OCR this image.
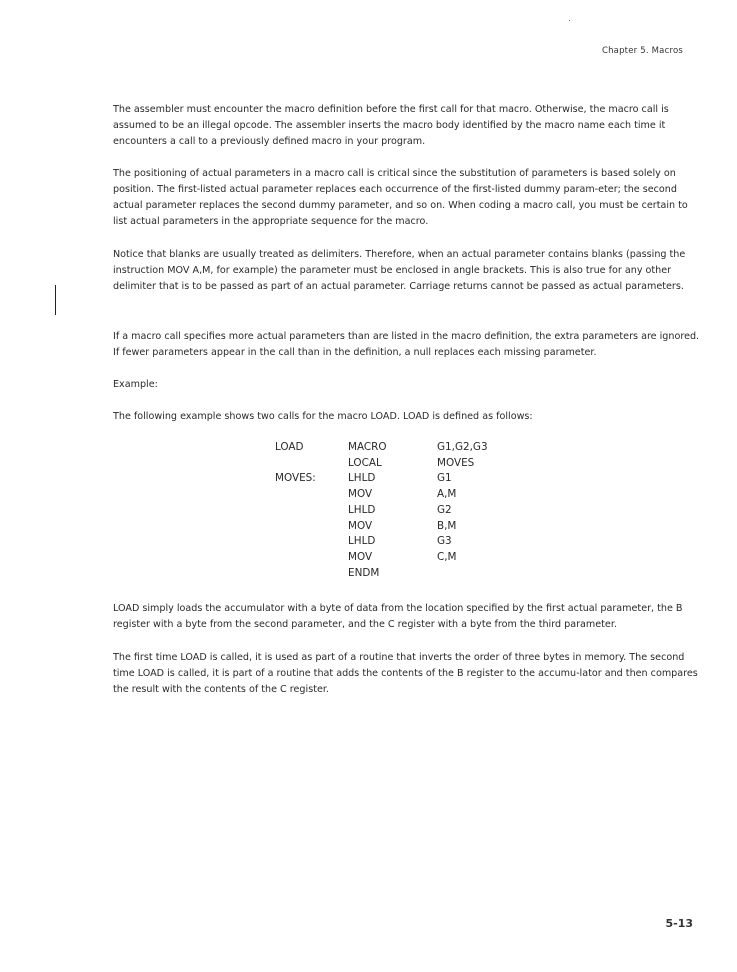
Chapter 5. Macros

The assembler must encounter the macro definition before the first call for that macro. Otherwise, the macro call is assumed to be an illegal opcode. The assembler inserts the macro body identified by the macro name each time it encounters a call to a previously defined macro in your program.

The positioning of actual parameters in a macro call is critical since the substitution of parameters is based solely on position. The first-listed actual parameter replaces each occurrence of the first-listed dummy param-eter; the second actual parameter replaces the second dummy parameter, and so on. When coding a macro call, you must be certain to list actual parameters in the appropriate sequence for the macro.

Notice that blanks are usually treated as delimiters. Therefore, when an actual parameter contains blanks (passing the instruction MOV A,M, for example) the parameter must be enclosed in angle brackets. This is also true for any other delimiter that is to be passed as part of an actual parameter. Carriage returns cannot be passed as actual parameters.

If a macro call specifies more actual parameters than are listed in the macro definition, the extra parameters are ignored. If fewer parameters appear in the call than in the definition, a null replaces each missing parameter.

Example:

The following example shows two calls for the macro LOAD. LOAD is defined as follows:

LOAD	MACRO	G1,G2,G3
	LOCAL	MOVES
MOVES:	LHLD	G1
	MOV	A,M
	LHLD	G2
	MOV	B,M
	LHLD	G3
	MOV	C,M
	ENDM	

LOAD simply loads the accumulator with a byte of data from the location specified by the first actual parameter, the B register with a byte from the second parameter, and the C register with a byte from the third parameter.

The first time LOAD is called, it is used as part of a routine that inverts the order of three bytes in memory. The second time LOAD is called, it is part of a routine that adds the contents of the B register to the accumu-lator and then compares the result with the contents of the C register.

5-13
